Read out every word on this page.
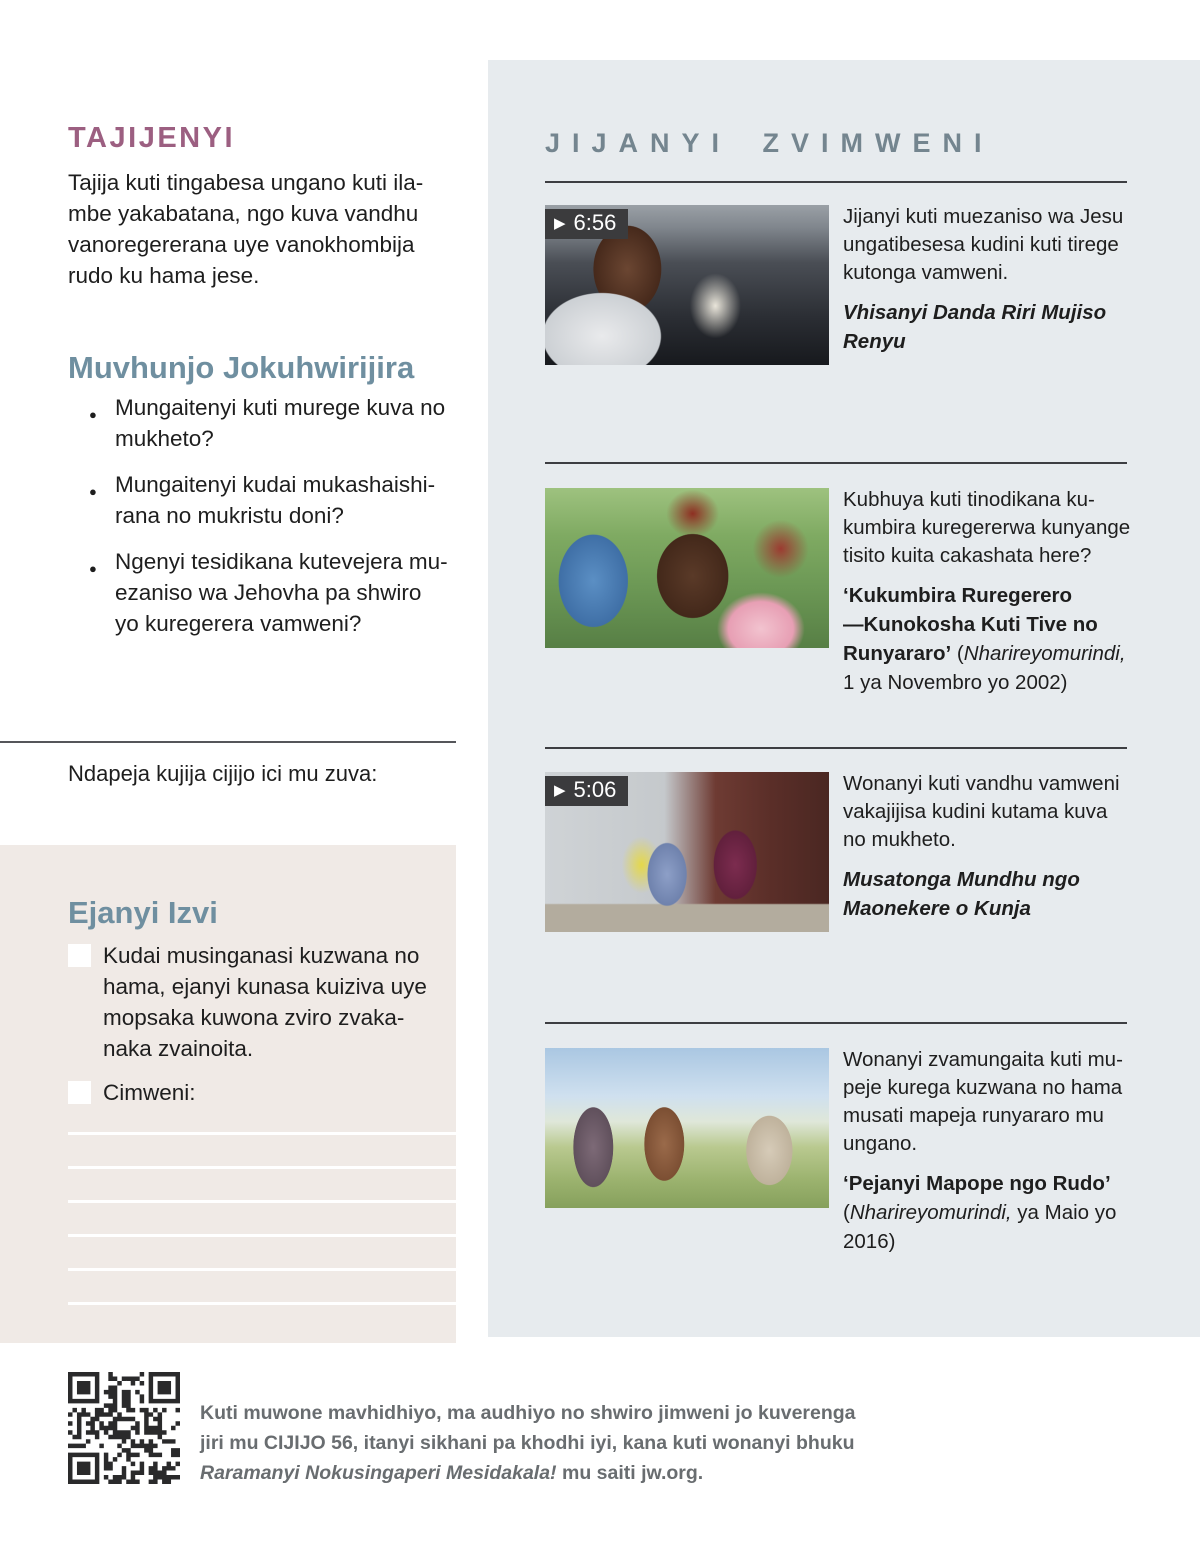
TAJIJENYI
Tajija kuti tingabesa ungano kuti ila-
mbe yakabatana, ngo kuva vandhu
vanoregererana uye vanokhombija
rudo ku hama jese.
Muvhunjo Jokuhwirijira
● Mungaitenyi kuti murege kuva no
mukheto?
● Mungaitenyi kudai mukashaishi-
rana no mukristu doni?
● Ngenyi tesidikana kutevejera mu-
ezaniso wa Jehovha pa shwiro
yo kuregerera vamweni?
Ndapeja kujija cijijo ici mu zuva:
Ejanyi Izvi
Kudai musinganasi kuzwana no
hama, ejanyi kunasa kuiziva uye
mopsaka kuwona zviro zvaka-
naka zvainoita.
Cimweni:
JIJANYI ZVIMWENI
▶ 6:56	Jijanyi kuti muezaniso wa Jesu
ungatibesesa kudini kuti tirege
kutonga vamweni.
Vhisanyi Danda Riri Mujiso
Renyu
Kubhuya kuti tinodikana ku-
kumbira kuregererwa kunyange
tisito kuita cakashata here?
‘Kukumbira Ruregerero
—Kunokosha Kuti Tive no
Runyararo’ (Nharireyomurindi,
1 ya Novembro yo 2002)
▶ 5:06	Wonanyi kuti vandhu vamweni
vakajijisa kudini kutama kuva
no mukheto.
Musatonga Mundhu ngo
Maonekere o Kunja
Wonanyi zvamungaita kuti mu-
peje kurega kuzwana no hama
musati mapeja runyararo mu
ungano.
‘Pejanyi Mapope ngo Rudo’
(Nharireyomurindi, ya Maio yo
2016)
Kuti muwone mavhidhiyo, ma audhiyo no shwiro jimweni jo kuverenga
jiri mu CIJIJO 56, itanyi sikhani pa khodhi iyi, kana kuti wonanyi bhuku
Raramanyi Nokusingaperi Mesidakala! mu saiti jw.org.
